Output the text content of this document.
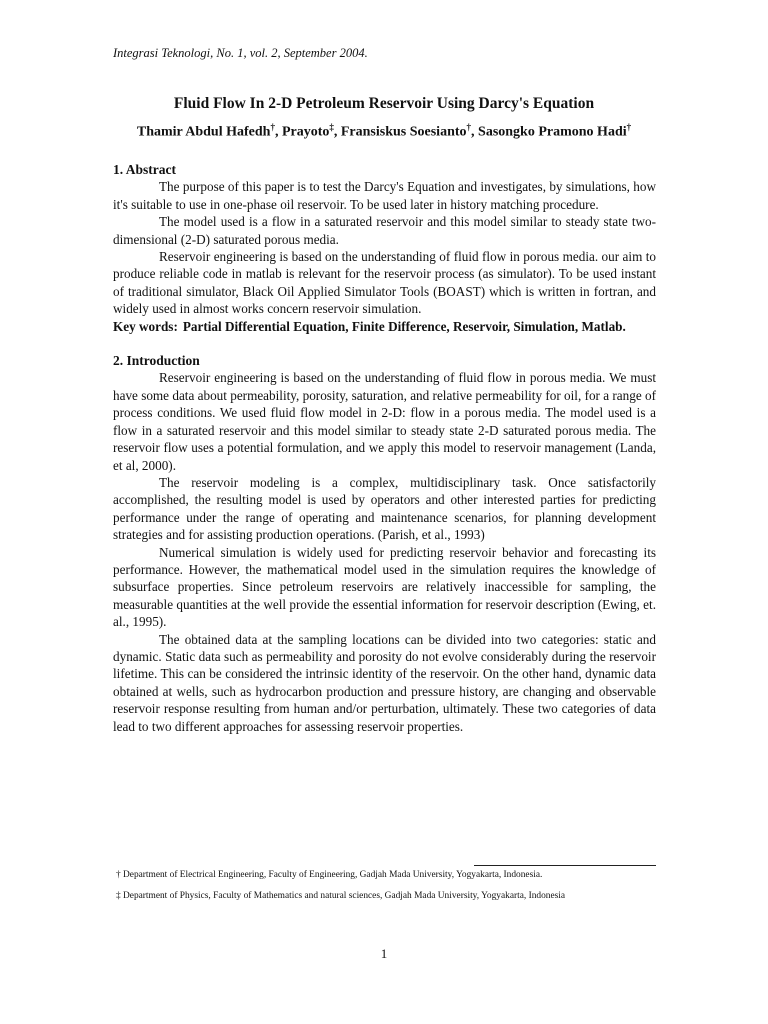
Integrasi Teknologi, No. 1, vol. 2, September 2004.
Fluid Flow In 2-D Petroleum Reservoir Using Darcy's Equation
Thamir Abdul Hafedh†, Prayoto‡, Fransiskus Soesianto†, Sasongko Pramono Hadi†
1. Abstract

The purpose of this paper is to test the Darcy's Equation and investigates, by simulations, how it's suitable to use in one-phase oil reservoir. To be used later in history matching procedure.

The model used is a flow in a saturated reservoir and this model similar to steady state two-dimensional (2-D) saturated porous media.

Reservoir engineering is based on the understanding of fluid flow in porous media. our aim to produce reliable code in matlab is relevant for the reservoir process (as simulator). To be used instant of traditional simulator, Black Oil Applied Simulator Tools (BOAST) which is written in fortran, and widely used in almost works concern reservoir simulation.

Key words: Partial Differential Equation, Finite Difference, Reservoir, Simulation, Matlab.
2. Introduction

Reservoir engineering is based on the understanding of fluid flow in porous media. We must have some data about permeability, porosity, saturation, and relative permeability for oil, for a range of process conditions. We used fluid flow model in 2-D: flow in a porous media. The model used is a flow in a saturated reservoir and this model similar to steady state 2-D saturated porous media. The reservoir flow uses a potential formulation, and we apply this model to reservoir management (Landa, et al, 2000).

The reservoir modeling is a complex, multidisciplinary task. Once satisfactorily accomplished, the resulting model is used by operators and other interested parties for predicting performance under the range of operating and maintenance scenarios, for planning development strategies and for assisting production operations. (Parish, et al., 1993)

Numerical simulation is widely used for predicting reservoir behavior and forecasting its performance. However, the mathematical model used in the simulation requires the knowledge of subsurface properties. Since petroleum reservoirs are relatively inaccessible for sampling, the measurable quantities at the well provide the essential information for reservoir description (Ewing, et. al., 1995).

The obtained data at the sampling locations can be divided into two categories: static and dynamic. Static data such as permeability and porosity do not evolve considerably during the reservoir lifetime. This can be considered the intrinsic identity of the reservoir. On the other hand, dynamic data obtained at wells, such as hydrocarbon production and pressure history, are changing and observable reservoir response resulting from human and/or perturbation, ultimately. These two categories of data lead to two different approaches for assessing reservoir properties.

† Department of Electrical Engineering, Faculty of Engineering, Gadjah Mada University, Yogyakarta, Indonesia.
‡ Department of Physics, Faculty of Mathematics and natural sciences, Gadjah Mada University, Yogyakarta, Indonesia
1
